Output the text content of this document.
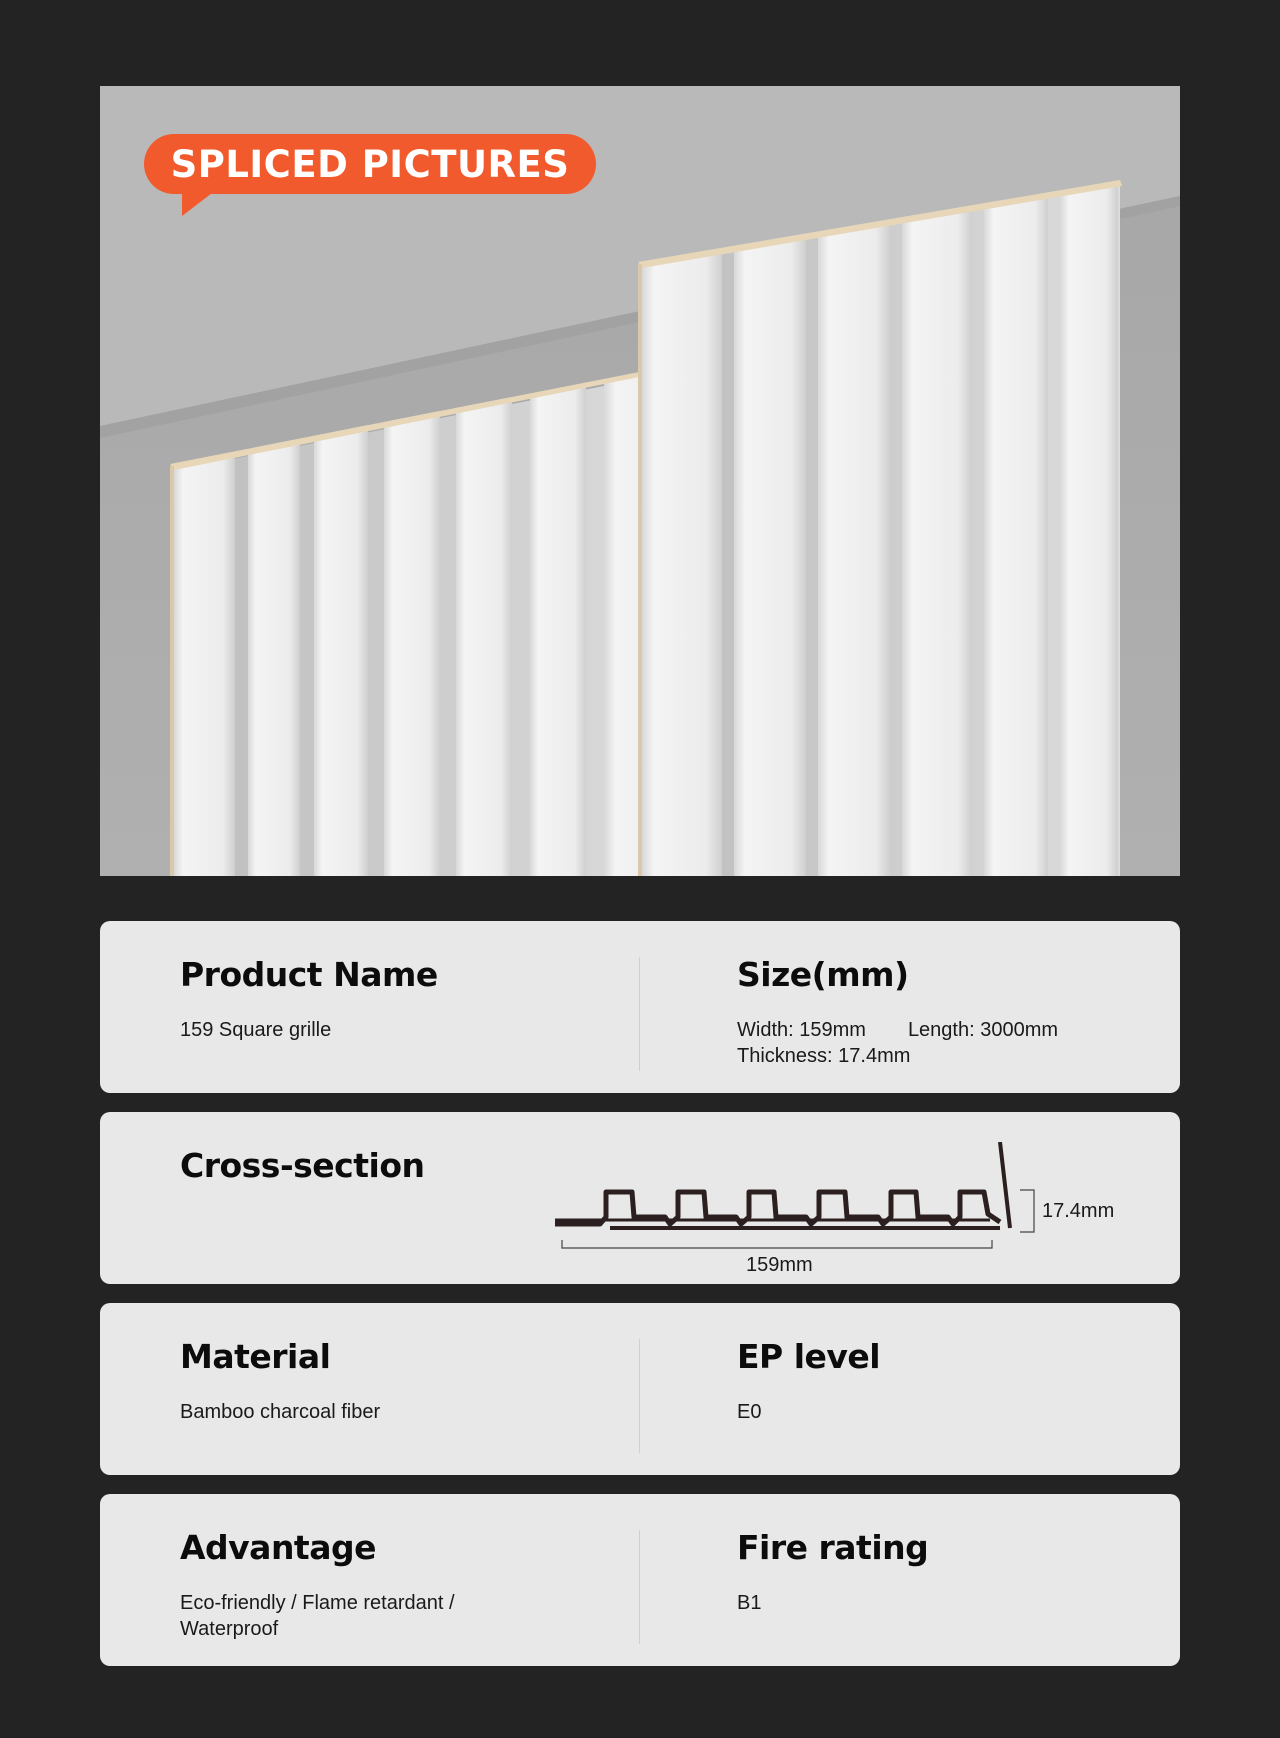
SPLICED PICTURES
Product Name
159 Square grille
Size(mm)
Width: 159mm Length: 3000mm
Thickness: 17.4mm
Cross-section
17.4mm
159mm
Material
Bamboo charcoal fiber
EP level
E0
Advantage
Eco-friendly / Flame retardant / Waterproof
Fire rating
B1
